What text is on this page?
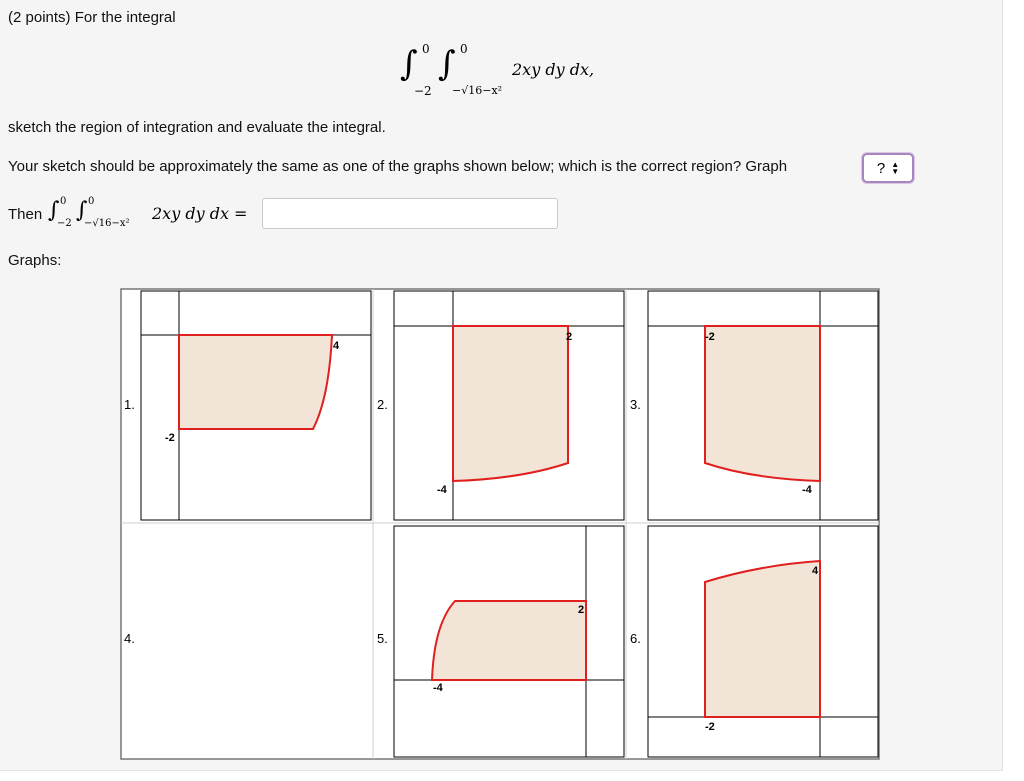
(2 points) For the integral
∫ 0
−2
∫ 0
−√16−x²
2xy dy dx,
sketch the region of integration and evaluate the integral.
Your sketch should be approximately the same as one of the graphs shown below; which is the correct region? Graph	? ▲
▼
Then ∫ 0
−2
∫ 0
−√16−x²
2xy dy dx =
Graphs:
1.
4
-2
2.
2
-4
3.
-2
-4
4.	5.
2
-4
6.
4
-2
